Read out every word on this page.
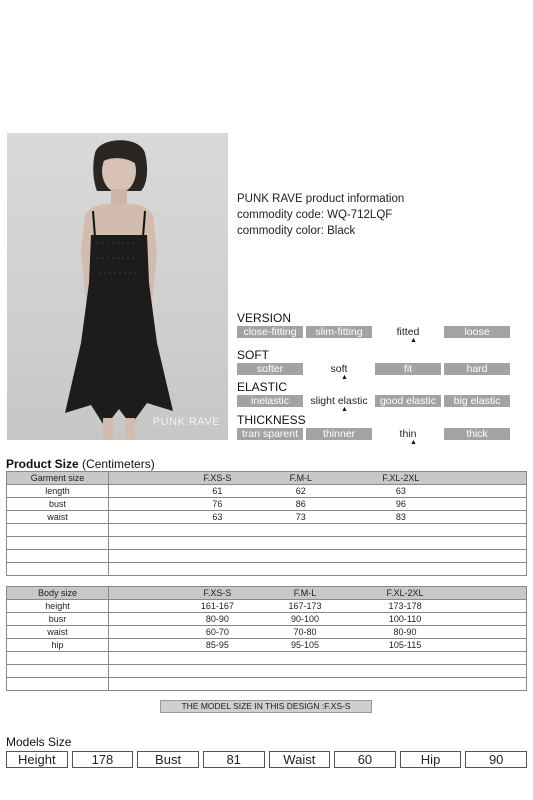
PUNK RAVE
PUNK RAVE product information
commodity code: WQ-712LQF
commodity color: Black
VERSION
close-fitting	slim-fitting	fitted	loose
▲
SOFT
softer	soft	fit	hard
▲
ELASTIC
inelastic	slight elastic	good elastic	big elastic
▲
THICKNESS
tran sparent	thinner	thin	thick
▲
Product Size (Centimeters)
Garment size	F.XS-S F.M-L F.XL-2XL

length	61 62 63

bust	76 86 96

waist	63 73 83

Body size	F.XS-S F.M-L F.XL-2XL

height	161-167 167-173 173-178

busr	80-90 90-100 100-110

waist	60-70 70-80 80-90

hip	85-95 95-105 105-115

THE MODEL SIZE IN THIS DESIGN :F.XS-S
Models Size
Height	178	Bust	81	Waist	60	Hip	90
